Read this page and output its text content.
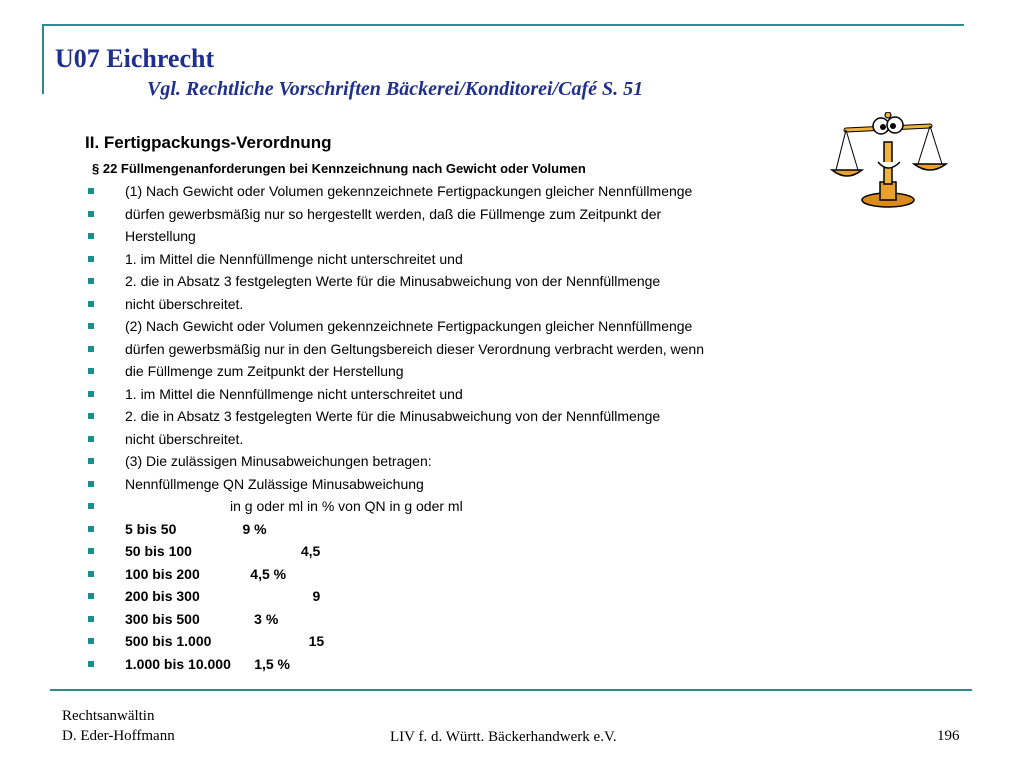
U07 Eichrecht
Vgl. Rechtliche Vorschriften Bäckerei/Konditorei/Café S. 51
II. Fertigpackungs-Verordnung
§ 22 Füllmengenanforderungen bei Kennzeichnung nach Gewicht oder Volumen
(1) Nach Gewicht oder Volumen gekennzeichnete Fertigpackungen gleicher Nennfüllmenge
dürfen gewerbsmäßig nur so hergestellt werden, daß die Füllmenge zum Zeitpunkt der
Herstellung
1. im Mittel die Nennfüllmenge nicht unterschreitet und
2. die in Absatz 3 festgelegten Werte für die Minusabweichung von der Nennfüllmenge
nicht überschreitet.
(2) Nach Gewicht oder Volumen gekennzeichnete Fertigpackungen gleicher Nennfüllmenge
dürfen gewerbsmäßig nur in den Geltungsbereich dieser Verordnung verbracht werden, wenn
die Füllmenge zum Zeitpunkt der Herstellung
1. im Mittel die Nennfüllmenge nicht unterschreitet und
2. die in Absatz 3 festgelegten Werte für die Minusabweichung von der Nennfüllmenge
nicht überschreitet.
(3) Die zulässigen Minusabweichungen betragen:
Nennfüllmenge QN Zulässige Minusabweichung
in g oder ml in % von QN in g oder ml
5 bis 50                 9 %
50 bis 100                            4,5
100 bis 200             4,5 %
200 bis 300                             9
300 bis 500              3 %
500 bis 1.000                         15
1.000 bis 10.000      1,5 %
Rechtsanwältin
D. Eder-Hoffmann	LIV f. d. Württ. Bäckerhandwerk e.V.	196
